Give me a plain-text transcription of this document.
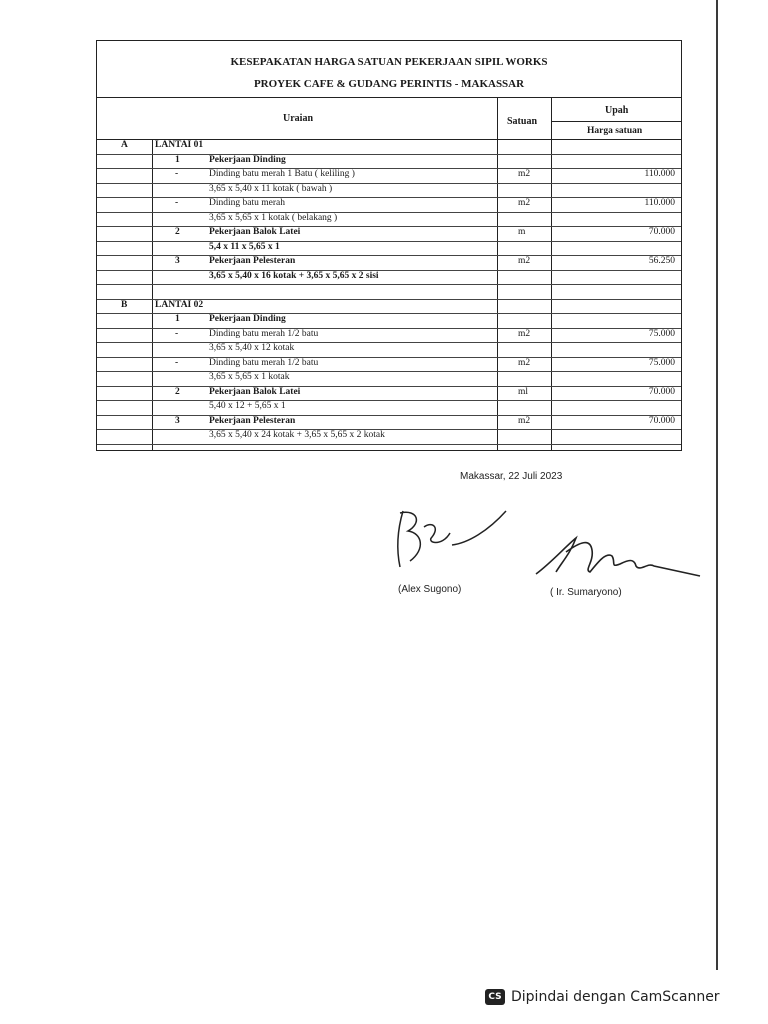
KESEPAKATAN HARGA SATUAN PEKERJAAN SIPIL WORKS
PROYEK CAFE & GUDANG PERINTIS - MAKASSAR
Uraian	Satuan
Upah
Harga satuan
A	LANTAI 01
1	Pekerjaan Dinding
-	Dinding batu merah 1 Batu ( keliling )	m2	110.000
3,65 x 5,40 x 11 kotak ( bawah )
-	Dinding batu merah	m2	110.000
3,65 x 5,65 x 1 kotak ( belakang )
2	Pekerjaan Balok Latei	m	70.000
5,4 x 11 x 5,65 x 1
3	Pekerjaan Pelesteran	m2	56.250
3,65 x 5,40 x 16 kotak + 3,65 x 5,65 x 2 sisi
B	LANTAI 02
1	Pekerjaan Dinding
-	Dinding batu merah 1/2 batu	m2	75.000
3,65 x 5,40 x 12 kotak
-	Dinding batu merah 1/2 batu	m2	75.000
3,65 x 5,65 x 1 kotak
2	Pekerjaan Balok Latei	ml	70.000
5,40 x 12 + 5,65 x 1
3	Pekerjaan Pelesteran	m2	70.000
3,65 x 5,40 x 24 kotak + 3,65 x 5,65 x 2 kotak
Makassar, 22 Juli 2023
(Alex Sugono)	( Ir. Sumaryono)
CS Dipindai dengan CamScanner
